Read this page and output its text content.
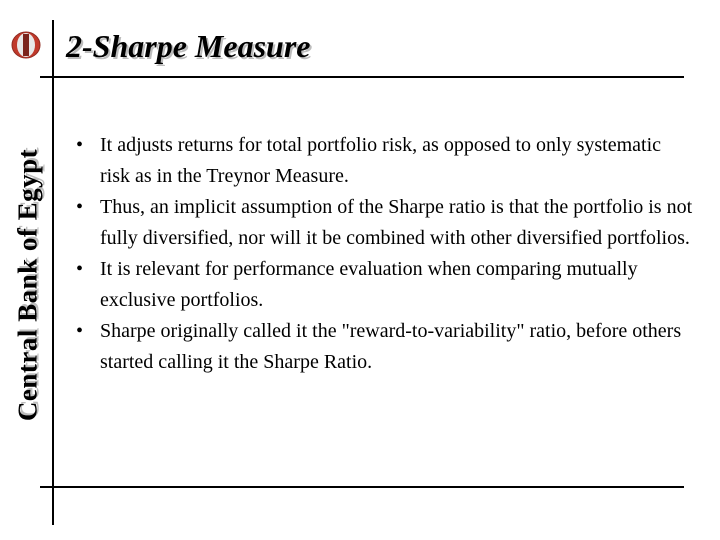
Central Bank of Egypt
2-Sharpe Measure
• It adjusts returns for total portfolio risk, as opposed to only systematic risk as in the Treynor Measure.
• Thus, an implicit assumption of the Sharpe ratio is that the portfolio is not fully diversified, nor will it be combined with other diversified portfolios.
• It is relevant for performance evaluation when comparing mutually exclusive portfolios.
• Sharpe originally called it the "reward-to-variability" ratio, before others started calling it the Sharpe Ratio.
